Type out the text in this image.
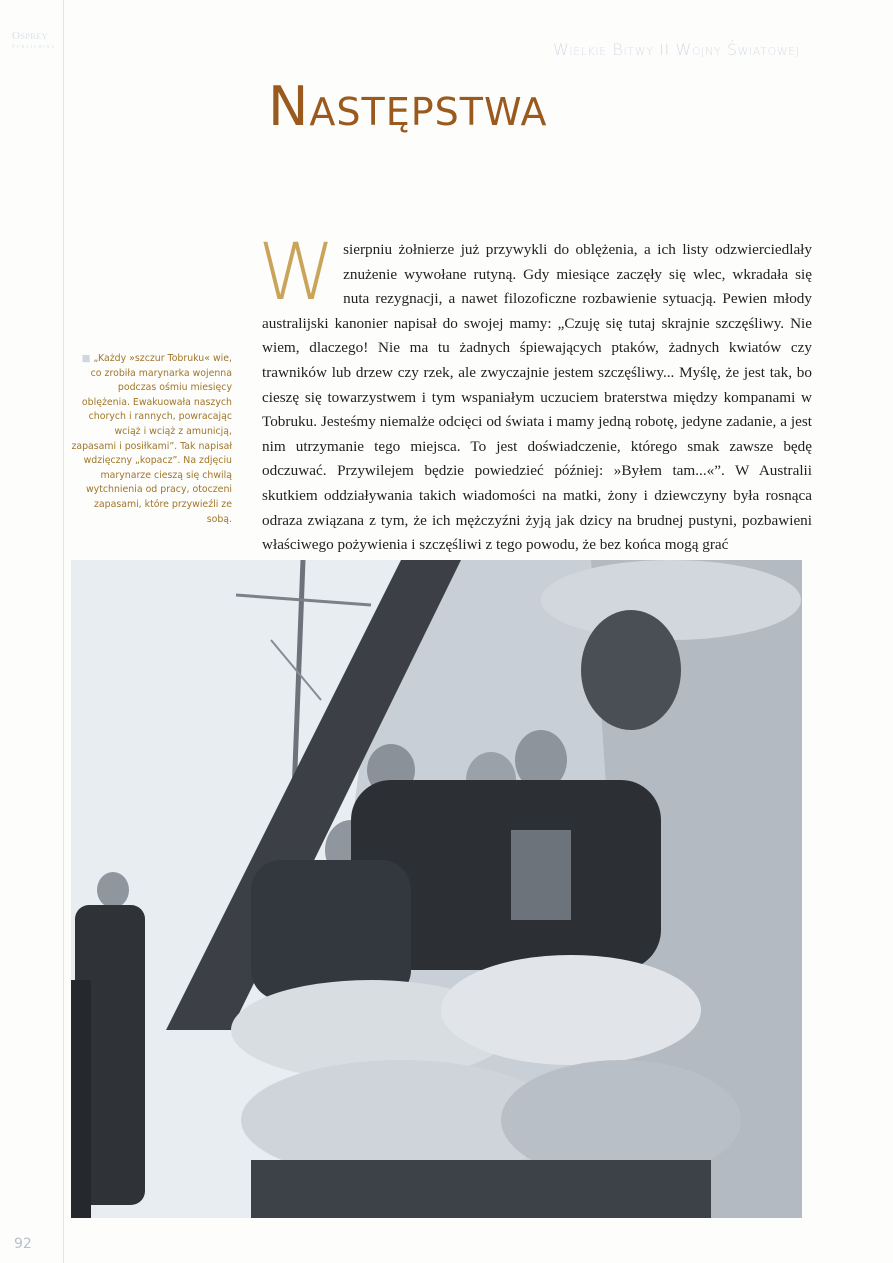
Osprey
Publishing	Wielkie Bitwy II Wojny Światowej
Następstwa
■ „Każdy »szczur Tobruku« wie, co zrobiła marynarka wojenna podczas ośmiu miesięcy oblężenia. Ewakuowała naszych chorych i rannych, powracając wciąż i wciąż z amunicją, zapasami i posiłkami”. Tak napisał wdzięczny „kopacz”. Na zdjęciu marynarze cieszą się chwilą wytchnienia od pracy, otoczeni zapasami, które przywieźli ze sobą.
Wsierpniu żołnierze już przywykli do oblężenia, a ich listy odzwierciedlały znużenie wywołane rutyną. Gdy miesiące zaczęły się wlec, wkradała się nuta rezygnacji, a nawet filozoficzne rozbawienie sytuacją. Pewien młody australijski kanonier napisał do swojej mamy: „Czuję się tutaj skrajnie szczęśliwy. Nie wiem, dlaczego! Nie ma tu żadnych śpiewających ptaków, żadnych kwiatów czy trawników lub drzew czy rzek, ale zwyczajnie jestem szczęśliwy... Myślę, że jest tak, bo cieszę się towarzystwem i tym wspaniałym uczuciem braterstwa między kompanami w Tobruku. Jesteśmy niemalże odcięci od świata i mamy jedną robotę, jedyne zadanie, a jest nim utrzymanie tego miejsca. To jest doświadczenie, którego smak zawsze będę odczuwać. Przywilejem będzie powiedzieć później: »Byłem tam...«”. W Australii skutkiem oddziaływania takich wiadomości na matki, żony i dziewczyny była rosnąca odraza związana z tym, że ich mężczyźni żyją jak dzicy na brudnej pustyni, pozbawieni właściwego pożywienia i szczęśliwi z tego powodu, że bez końca mogą grać
92
